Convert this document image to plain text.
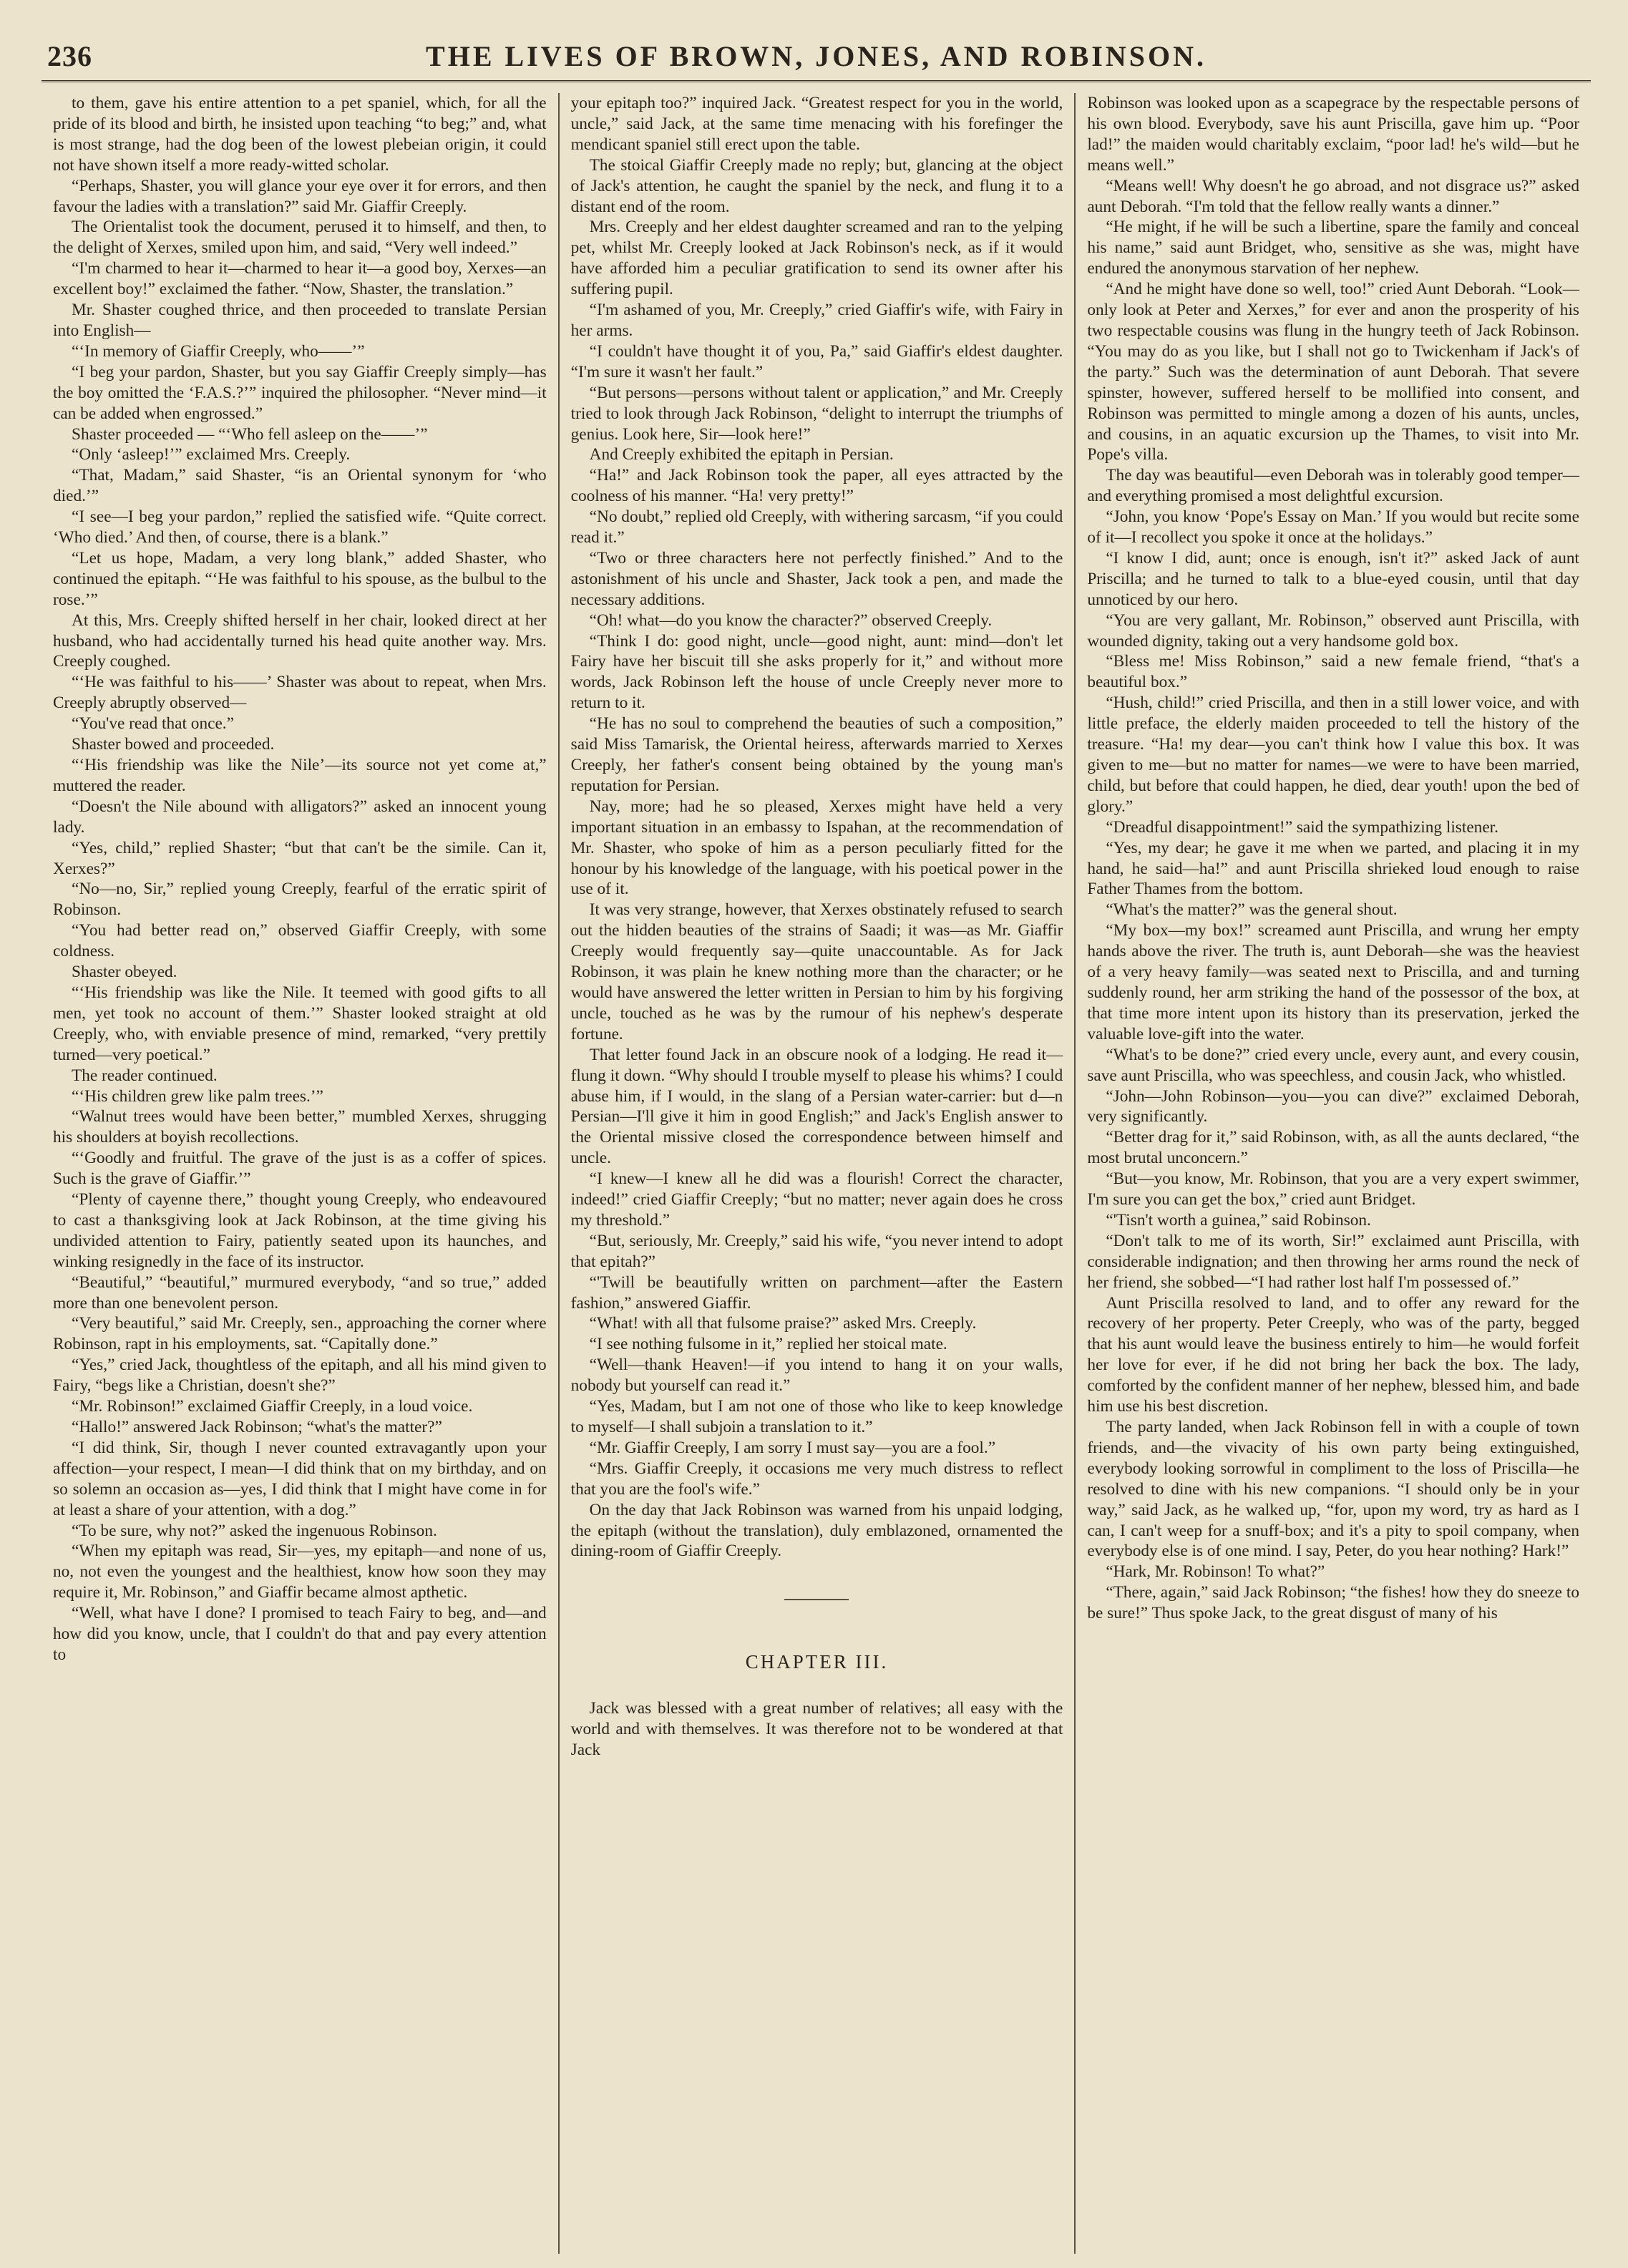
236	THE LIVES OF BROWN, JONES, AND ROBINSON.

to them, gave his entire attention to a pet spaniel, which, for all the pride of its blood and birth, he insisted upon teaching “to beg;” and, what is most strange, had the dog been of the lowest plebeian origin, it could not have shown itself a more ready-witted scholar.

“Perhaps, Shaster, you will glance your eye over it for errors, and then favour the ladies with a translation?” said Mr. Giaffir Creeply.

The Orientalist took the document, perused it to himself, and then, to the delight of Xerxes, smiled upon him, and said, “Very well indeed.”

“I'm charmed to hear it—charmed to hear it—a good boy, Xerxes—an excellent boy!” exclaimed the father. “Now, Shaster, the translation.”

Mr. Shaster coughed thrice, and then proceeded to translate Persian into English—

“‘In memory of Giaffir Creeply, who——’”

“I beg your pardon, Shaster, but you say Giaffir Creeply simply—has the boy omitted the ‘F.A.S.?’” inquired the philosopher. “Never mind—it can be added when engrossed.”

Shaster proceeded — “‘Who fell asleep on the——’”

“Only ‘asleep!’” exclaimed Mrs. Creeply.

“That, Madam,” said Shaster, “is an Oriental synonym for ‘who died.’”

“I see—I beg your pardon,” replied the satisfied wife. “Quite correct. ‘Who died.’ And then, of course, there is a blank.”

“Let us hope, Madam, a very long blank,” added Shaster, who continued the epitaph. “‘He was faithful to his spouse, as the bulbul to the rose.’”

At this, Mrs. Creeply shifted herself in her chair, looked direct at her husband, who had accidentally turned his head quite another way. Mrs. Creeply coughed.

“‘He was faithful to his——’ Shaster was about to repeat, when Mrs. Creeply abruptly observed—

“You've read that once.”

Shaster bowed and proceeded.

“‘His friendship was like the Nile’—its source not yet come at,” muttered the reader.

“Doesn't the Nile abound with alligators?” asked an innocent young lady.

“Yes, child,” replied Shaster; “but that can't be the simile. Can it, Xerxes?”

“No—no, Sir,” replied young Creeply, fearful of the erratic spirit of Robinson.

“You had better read on,” observed Giaffir Creeply, with some coldness.

Shaster obeyed.

“‘His friendship was like the Nile. It teemed with good gifts to all men, yet took no account of them.’” Shaster looked straight at old Creeply, who, with enviable presence of mind, remarked, “very prettily turned—very poetical.”

The reader continued.

“‘His children grew like palm trees.’”

“Walnut trees would have been better,” mumbled Xerxes, shrugging his shoulders at boyish recollections.

“‘Goodly and fruitful. The grave of the just is as a coffer of spices. Such is the grave of Giaffir.’”

“Plenty of cayenne there,” thought young Creeply, who endeavoured to cast a thanksgiving look at Jack Robinson, at the time giving his undivided attention to Fairy, patiently seated upon its haunches, and winking resignedly in the face of its instructor.

“Beautiful,” “beautiful,” murmured everybody, “and so true,” added more than one benevolent person.

“Very beautiful,” said Mr. Creeply, sen., approaching the corner where Robinson, rapt in his employments, sat. “Capitally done.”

“Yes,” cried Jack, thoughtless of the epitaph, and all his mind given to Fairy, “begs like a Christian, doesn't she?”

“Mr. Robinson!” exclaimed Giaffir Creeply, in a loud voice.

“Hallo!” answered Jack Robinson; “what's the matter?”

“I did think, Sir, though I never counted extravagantly upon your affection—your respect, I mean—I did think that on my birthday, and on so solemn an occasion as—yes, I did think that I might have come in for at least a share of your attention, with a dog.”

“To be sure, why not?” asked the ingenuous Robinson.

“When my epitaph was read, Sir—yes, my epitaph—and none of us, no, not even the youngest and the healthiest, know how soon they may require it, Mr. Robinson,” and Giaffir became almost apthetic.

“Well, what have I done? I promised to teach Fairy to beg, and—and how did you know, uncle, that I couldn't do that and pay every attention to

your epitaph too?” inquired Jack. “Greatest respect for you in the world, uncle,” said Jack, at the same time menacing with his forefinger the mendicant spaniel still erect upon the table.

The stoical Giaffir Creeply made no reply; but, glancing at the object of Jack's attention, he caught the spaniel by the neck, and flung it to a distant end of the room.

Mrs. Creeply and her eldest daughter screamed and ran to the yelping pet, whilst Mr. Creeply looked at Jack Robinson's neck, as if it would have afforded him a peculiar gratification to send its owner after his suffering pupil.

“I'm ashamed of you, Mr. Creeply,” cried Giaffir's wife, with Fairy in her arms.

“I couldn't have thought it of you, Pa,” said Giaffir's eldest daughter. “I'm sure it wasn't her fault.”

“But persons—persons without talent or application,” and Mr. Creeply tried to look through Jack Robinson, “delight to interrupt the triumphs of genius. Look here, Sir—look here!”

And Creeply exhibited the epitaph in Persian.

“Ha!” and Jack Robinson took the paper, all eyes attracted by the coolness of his manner. “Ha! very pretty!”

“No doubt,” replied old Creeply, with withering sarcasm, “if you could read it.”

“Two or three characters here not perfectly finished.” And to the astonishment of his uncle and Shaster, Jack took a pen, and made the necessary additions.

“Oh! what—do you know the character?” observed Creeply.

“Think I do: good night, uncle—good night, aunt: mind—don't let Fairy have her biscuit till she asks properly for it,” and without more words, Jack Robinson left the house of uncle Creeply never more to return to it.

“He has no soul to comprehend the beauties of such a composition,” said Miss Tamarisk, the Oriental heiress, afterwards married to Xerxes Creeply, her father's consent being obtained by the young man's reputation for Persian.

Nay, more; had he so pleased, Xerxes might have held a very important situation in an embassy to Ispahan, at the recommendation of Mr. Shaster, who spoke of him as a person peculiarly fitted for the honour by his knowledge of the language, with his poetical power in the use of it.

It was very strange, however, that Xerxes obstinately refused to search out the hidden beauties of the strains of Saadi; it was—as Mr. Giaffir Creeply would frequently say—quite unaccountable. As for Jack Robinson, it was plain he knew nothing more than the character; or he would have answered the letter written in Persian to him by his forgiving uncle, touched as he was by the rumour of his nephew's desperate fortune.

That letter found Jack in an obscure nook of a lodging. He read it—flung it down. “Why should I trouble myself to please his whims? I could abuse him, if I would, in the slang of a Persian water-carrier: but d—n Persian—I'll give it him in good English;” and Jack's English answer to the Oriental missive closed the correspondence between himself and uncle.

“I knew—I knew all he did was a flourish! Correct the character, indeed!” cried Giaffir Creeply; “but no matter; never again does he cross my threshold.”

“But, seriously, Mr. Creeply,” said his wife, “you never intend to adopt that epitah?”

“'Twill be beautifully written on parchment—after the Eastern fashion,” answered Giaffir.

“What! with all that fulsome praise?” asked Mrs. Creeply.

“I see nothing fulsome in it,” replied her stoical mate.

“Well—thank Heaven!—if you intend to hang it on your walls, nobody but yourself can read it.”

“Yes, Madam, but I am not one of those who like to keep knowledge to myself—I shall subjoin a translation to it.”

“Mr. Giaffir Creeply, I am sorry I must say—you are a fool.”

“Mrs. Giaffir Creeply, it occasions me very much distress to reflect that you are the fool's wife.”

On the day that Jack Robinson was warned from his unpaid lodging, the epitaph (without the translation), duly emblazoned, ornamented the dining-room of Giaffir Creeply.

CHAPTER III.

Jack was blessed with a great number of relatives; all easy with the world and with themselves. It was therefore not to be wondered at that Jack

Robinson was looked upon as a scapegrace by the respectable persons of his own blood. Everybody, save his aunt Priscilla, gave him up. “Poor lad!” the maiden would charitably exclaim, “poor lad! he's wild—but he means well.”

“Means well! Why doesn't he go abroad, and not disgrace us?” asked aunt Deborah. “I'm told that the fellow really wants a dinner.”

“He might, if he will be such a libertine, spare the family and conceal his name,” said aunt Bridget, who, sensitive as she was, might have endured the anonymous starvation of her nephew.

“And he might have done so well, too!” cried Aunt Deborah. “Look—only look at Peter and Xerxes,” for ever and anon the prosperity of his two respectable cousins was flung in the hungry teeth of Jack Robinson. “You may do as you like, but I shall not go to Twickenham if Jack's of the party.” Such was the determination of aunt Deborah. That severe spinster, however, suffered herself to be mollified into consent, and Robinson was permitted to mingle among a dozen of his aunts, uncles, and cousins, in an aquatic excursion up the Thames, to visit into Mr. Pope's villa.

The day was beautiful—even Deborah was in tolerably good temper—and everything promised a most delightful excursion.

“John, you know ‘Pope's Essay on Man.’ If you would but recite some of it—I recollect you spoke it once at the holidays.”

“I know I did, aunt; once is enough, isn't it?” asked Jack of aunt Priscilla; and he turned to talk to a blue-eyed cousin, until that day unnoticed by our hero.

“You are very gallant, Mr. Robinson,” observed aunt Priscilla, with wounded dignity, taking out a very handsome gold box.

“Bless me! Miss Robinson,” said a new female friend, “that's a beautiful box.”

“Hush, child!” cried Priscilla, and then in a still lower voice, and with little preface, the elderly maiden proceeded to tell the history of the treasure. “Ha! my dear—you can't think how I value this box. It was given to me—but no matter for names—we were to have been married, child, but before that could happen, he died, dear youth! upon the bed of glory.”

“Dreadful disappointment!” said the sympathizing listener.

“Yes, my dear; he gave it me when we parted, and placing it in my hand, he said—ha!” and aunt Priscilla shrieked loud enough to raise Father Thames from the bottom.

“What's the matter?” was the general shout.

“My box—my box!” screamed aunt Priscilla, and wrung her empty hands above the river. The truth is, aunt Deborah—she was the heaviest of a very heavy family—was seated next to Priscilla, and and turning suddenly round, her arm striking the hand of the possessor of the box, at that time more intent upon its history than its preservation, jerked the valuable love-gift into the water.

“What's to be done?” cried every uncle, every aunt, and every cousin, save aunt Priscilla, who was speechless, and cousin Jack, who whistled.

“John—John Robinson—you—you can dive?” exclaimed Deborah, very significantly.

“Better drag for it,” said Robinson, with, as all the aunts declared, “the most brutal unconcern.”

“But—you know, Mr. Robinson, that you are a very expert swimmer, I'm sure you can get the box,” cried aunt Bridget.

“'Tisn't worth a guinea,” said Robinson.

“Don't talk to me of its worth, Sir!” exclaimed aunt Priscilla, with considerable indignation; and then throwing her arms round the neck of her friend, she sobbed—“I had rather lost half I'm possessed of.”

Aunt Priscilla resolved to land, and to offer any reward for the recovery of her property. Peter Creeply, who was of the party, begged that his aunt would leave the business entirely to him—he would forfeit her love for ever, if he did not bring her back the box. The lady, comforted by the confident manner of her nephew, blessed him, and bade him use his best discretion.

The party landed, when Jack Robinson fell in with a couple of town friends, and—the vivacity of his own party being extinguished, everybody looking sorrowful in compliment to the loss of Priscilla—he resolved to dine with his new companions. “I should only be in your way,” said Jack, as he walked up, “for, upon my word, try as hard as I can, I can't weep for a snuff-box; and it's a pity to spoil company, when everybody else is of one mind. I say, Peter, do you hear nothing? Hark!”

“Hark, Mr. Robinson! To what?”

“There, again,” said Jack Robinson; “the fishes! how they do sneeze to be sure!” Thus spoke Jack, to the great disgust of many of his
